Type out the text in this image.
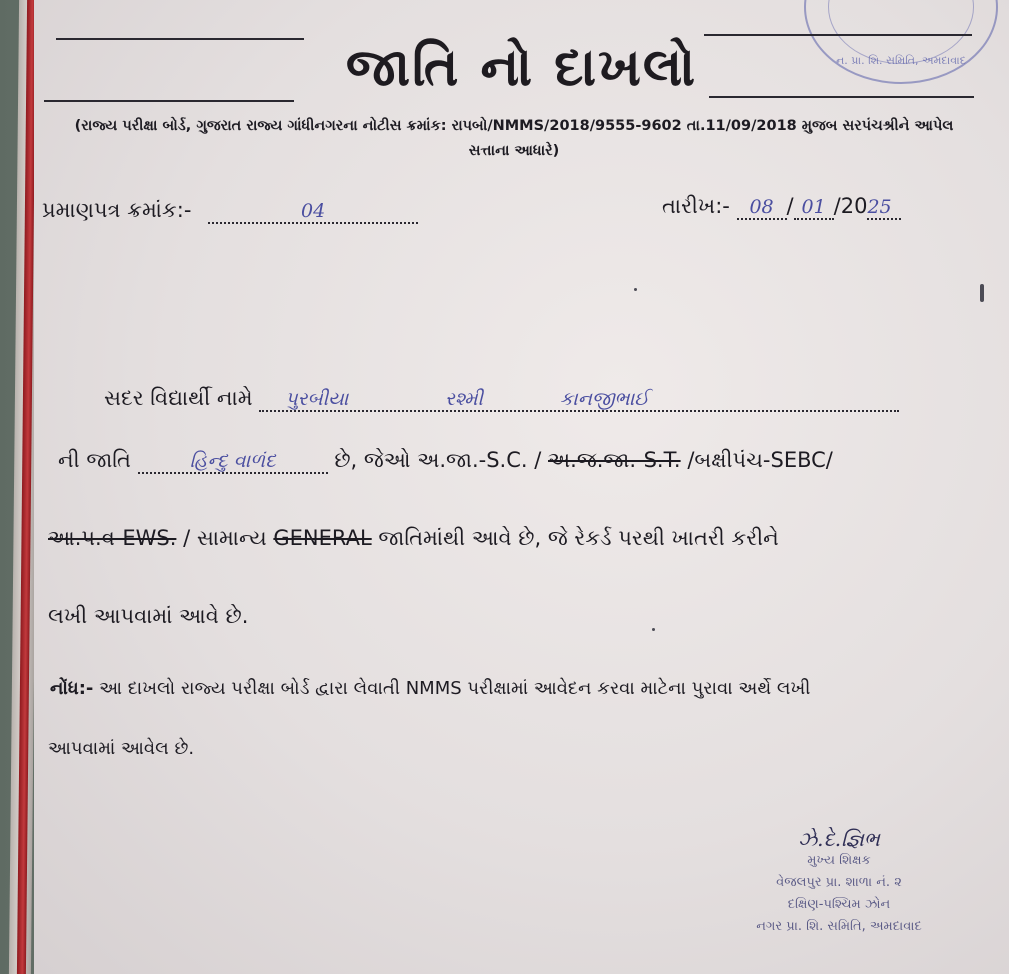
ન. પ્રા. શિ. સમિતિ, અમદાવાદ
જાતિ નો દાખલો
(રાજ્ય પરીક્ષા બોર્ડ, ગુજરાત રાજ્ય ગાંધીનગરના નોટીસ ક્રમાંક: રાપબો/NMMS/2018/9555-9602 તા.11/09/2018 મુજબ સરપંચશ્રીને આપેલ સત્તાના આધારે)
પ્રમાણપત્ર ક્રમાંક:-	04	તારીખ:- 08 / 01 /2025
સદર વિદ્યાર્થી નામે પુરબીયા	રશ્મી	કાનજીભાઈ
ની જાતિ	હિન્દુ વાળંદ	છે, જેઓ અ.જા.-S.C. / અ.જ.જા.-S.T. /બક્ષીપંચ-SEBC/
આ.પ.વ-EWS. / સામાન્ય GENERAL જાતિમાંથી આવે છે, જે રેકર્ડ પરથી ખાતરી કરીને
લખી આપવામાં આવે છે.
નોંધ:- આ દાખલો રાજ્ય પરીક્ષા બોર્ડ દ્વારા લેવાતી NMMS પરીક્ષામાં આવેદન કરવા માટેના પુરાવા અર્થે લખી
આપવામાં આવેલ છે.
ઝે.દે.જ્ઞિભ
મુખ્ય શિક્ષક
વેજલપુર પ્રા. શાળા નં. ૨
દક્ષિણ-પશ્ચિમ ઝોન
નગર પ્રા. શિ. સમિતિ, અમદાવાદ
